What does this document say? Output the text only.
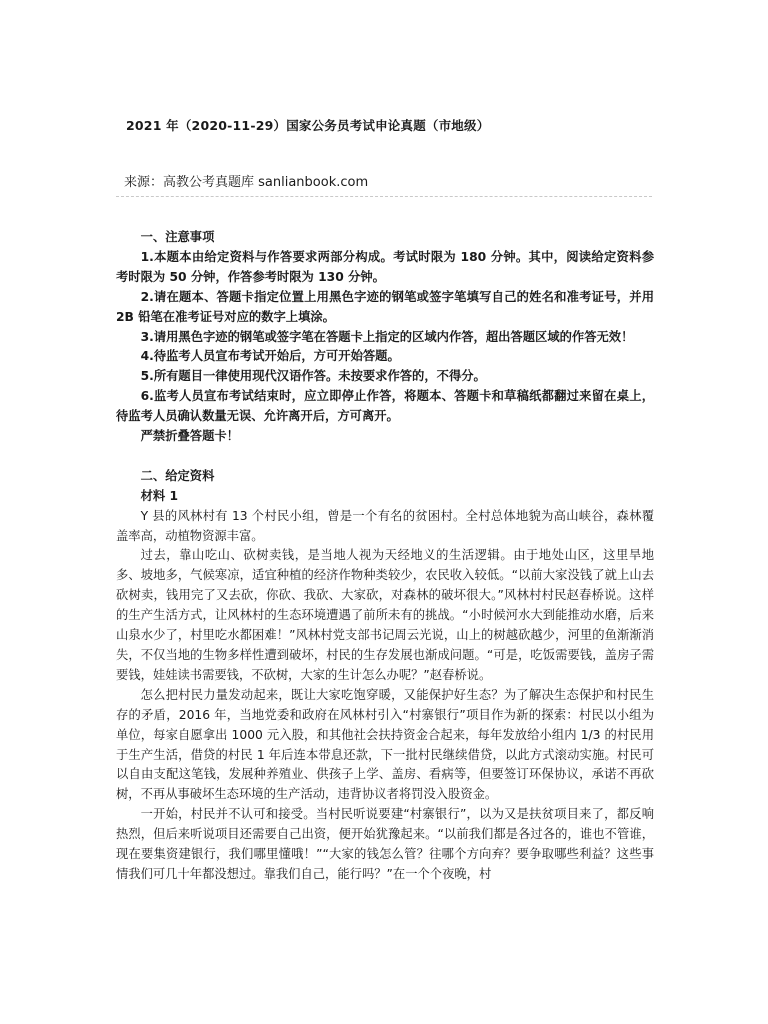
2021 年（2020-11-29）国家公务员考试申论真题（市地级）
来源：高教公考真题库 sanlianbook.com

一、注意事项

1.本题本由给定资料与作答要求两部分构成。考试时限为 180 分钟。其中，阅读给定资料参考时限为 50 分钟，作答参考时限为 130 分钟。

2.请在题本、答题卡指定位置上用黑色字迹的钢笔或签字笔填写自己的姓名和准考证号，并用 2B 铅笔在准考证号对应的数字上填涂。

3.请用黑色字迹的钢笔或签字笔在答题卡上指定的区域内作答，超出答题区域的作答无效！

4.待监考人员宣布考试开始后，方可开始答题。

5.所有题目一律使用现代汉语作答。未按要求作答的，不得分。

6.监考人员宣布考试结束时，应立即停止作答，将题本、答题卡和草稿纸都翻过来留在桌上，待监考人员确认数量无误、允许离开后，方可离开。

严禁折叠答题卡！

二、给定资料

材料 1

Y 县的风林村有 13 个村民小组，曾是一个有名的贫困村。全村总体地貌为高山峡谷，森林覆盖率高，动植物资源丰富。

过去，靠山吃山、砍树卖钱，是当地人视为天经地义的生活逻辑。由于地处山区，这里旱地多、坡地多，气候寒凉，适宜种植的经济作物种类较少，农民收入较低。“以前大家没钱了就上山去砍树卖，钱用完了又去砍，你砍、我砍、大家砍，对森林的破坏很大。”风林村村民赵春桥说。这样的生产生活方式，让风林村的生态环境遭遇了前所未有的挑战。“小时候河水大到能推动水磨，后来山泉水少了，村里吃水都困难！”风林村党支部书记周云光说，山上的树越砍越少，河里的鱼渐渐消失，不仅当地的生物多样性遭到破坏，村民的生存发展也渐成问题。“可是，吃饭需要钱，盖房子需要钱，娃娃读书需要钱，不砍树，大家的生计怎么办呢？”赵春桥说。

怎么把村民力量发动起来，既让大家吃饱穿暖，又能保护好生态？为了解决生态保护和村民生存的矛盾，2016 年，当地党委和政府在风林村引入“村寨银行”项目作为新的探索：村民以小组为单位，每家自愿拿出 1000 元入股，和其他社会扶持资金合起来，每年发放给小组内 1/3 的村民用于生产生活，借贷的村民 1 年后连本带息还款，下一批村民继续借贷，以此方式滚动实施。村民可以自由支配这笔钱，发展种养殖业、供孩子上学、盖房、看病等，但要签订环保协议，承诺不再砍树，不再从事破坏生态环境的生产活动，违背协议者将罚没入股资金。

一开始，村民并不认可和接受。当村民听说要建“村寨银行”，以为又是扶贫项目来了，都反响热烈，但后来听说项目还需要自己出资，便开始犹豫起来。“以前我们都是各过各的，谁也不管谁，现在要集资建银行，我们哪里懂哦！”“大家的钱怎么管？往哪个方向弃？要争取哪些利益？这些事情我们可几十年都没想过。靠我们自己，能行吗？”在一个个夜晚，村
